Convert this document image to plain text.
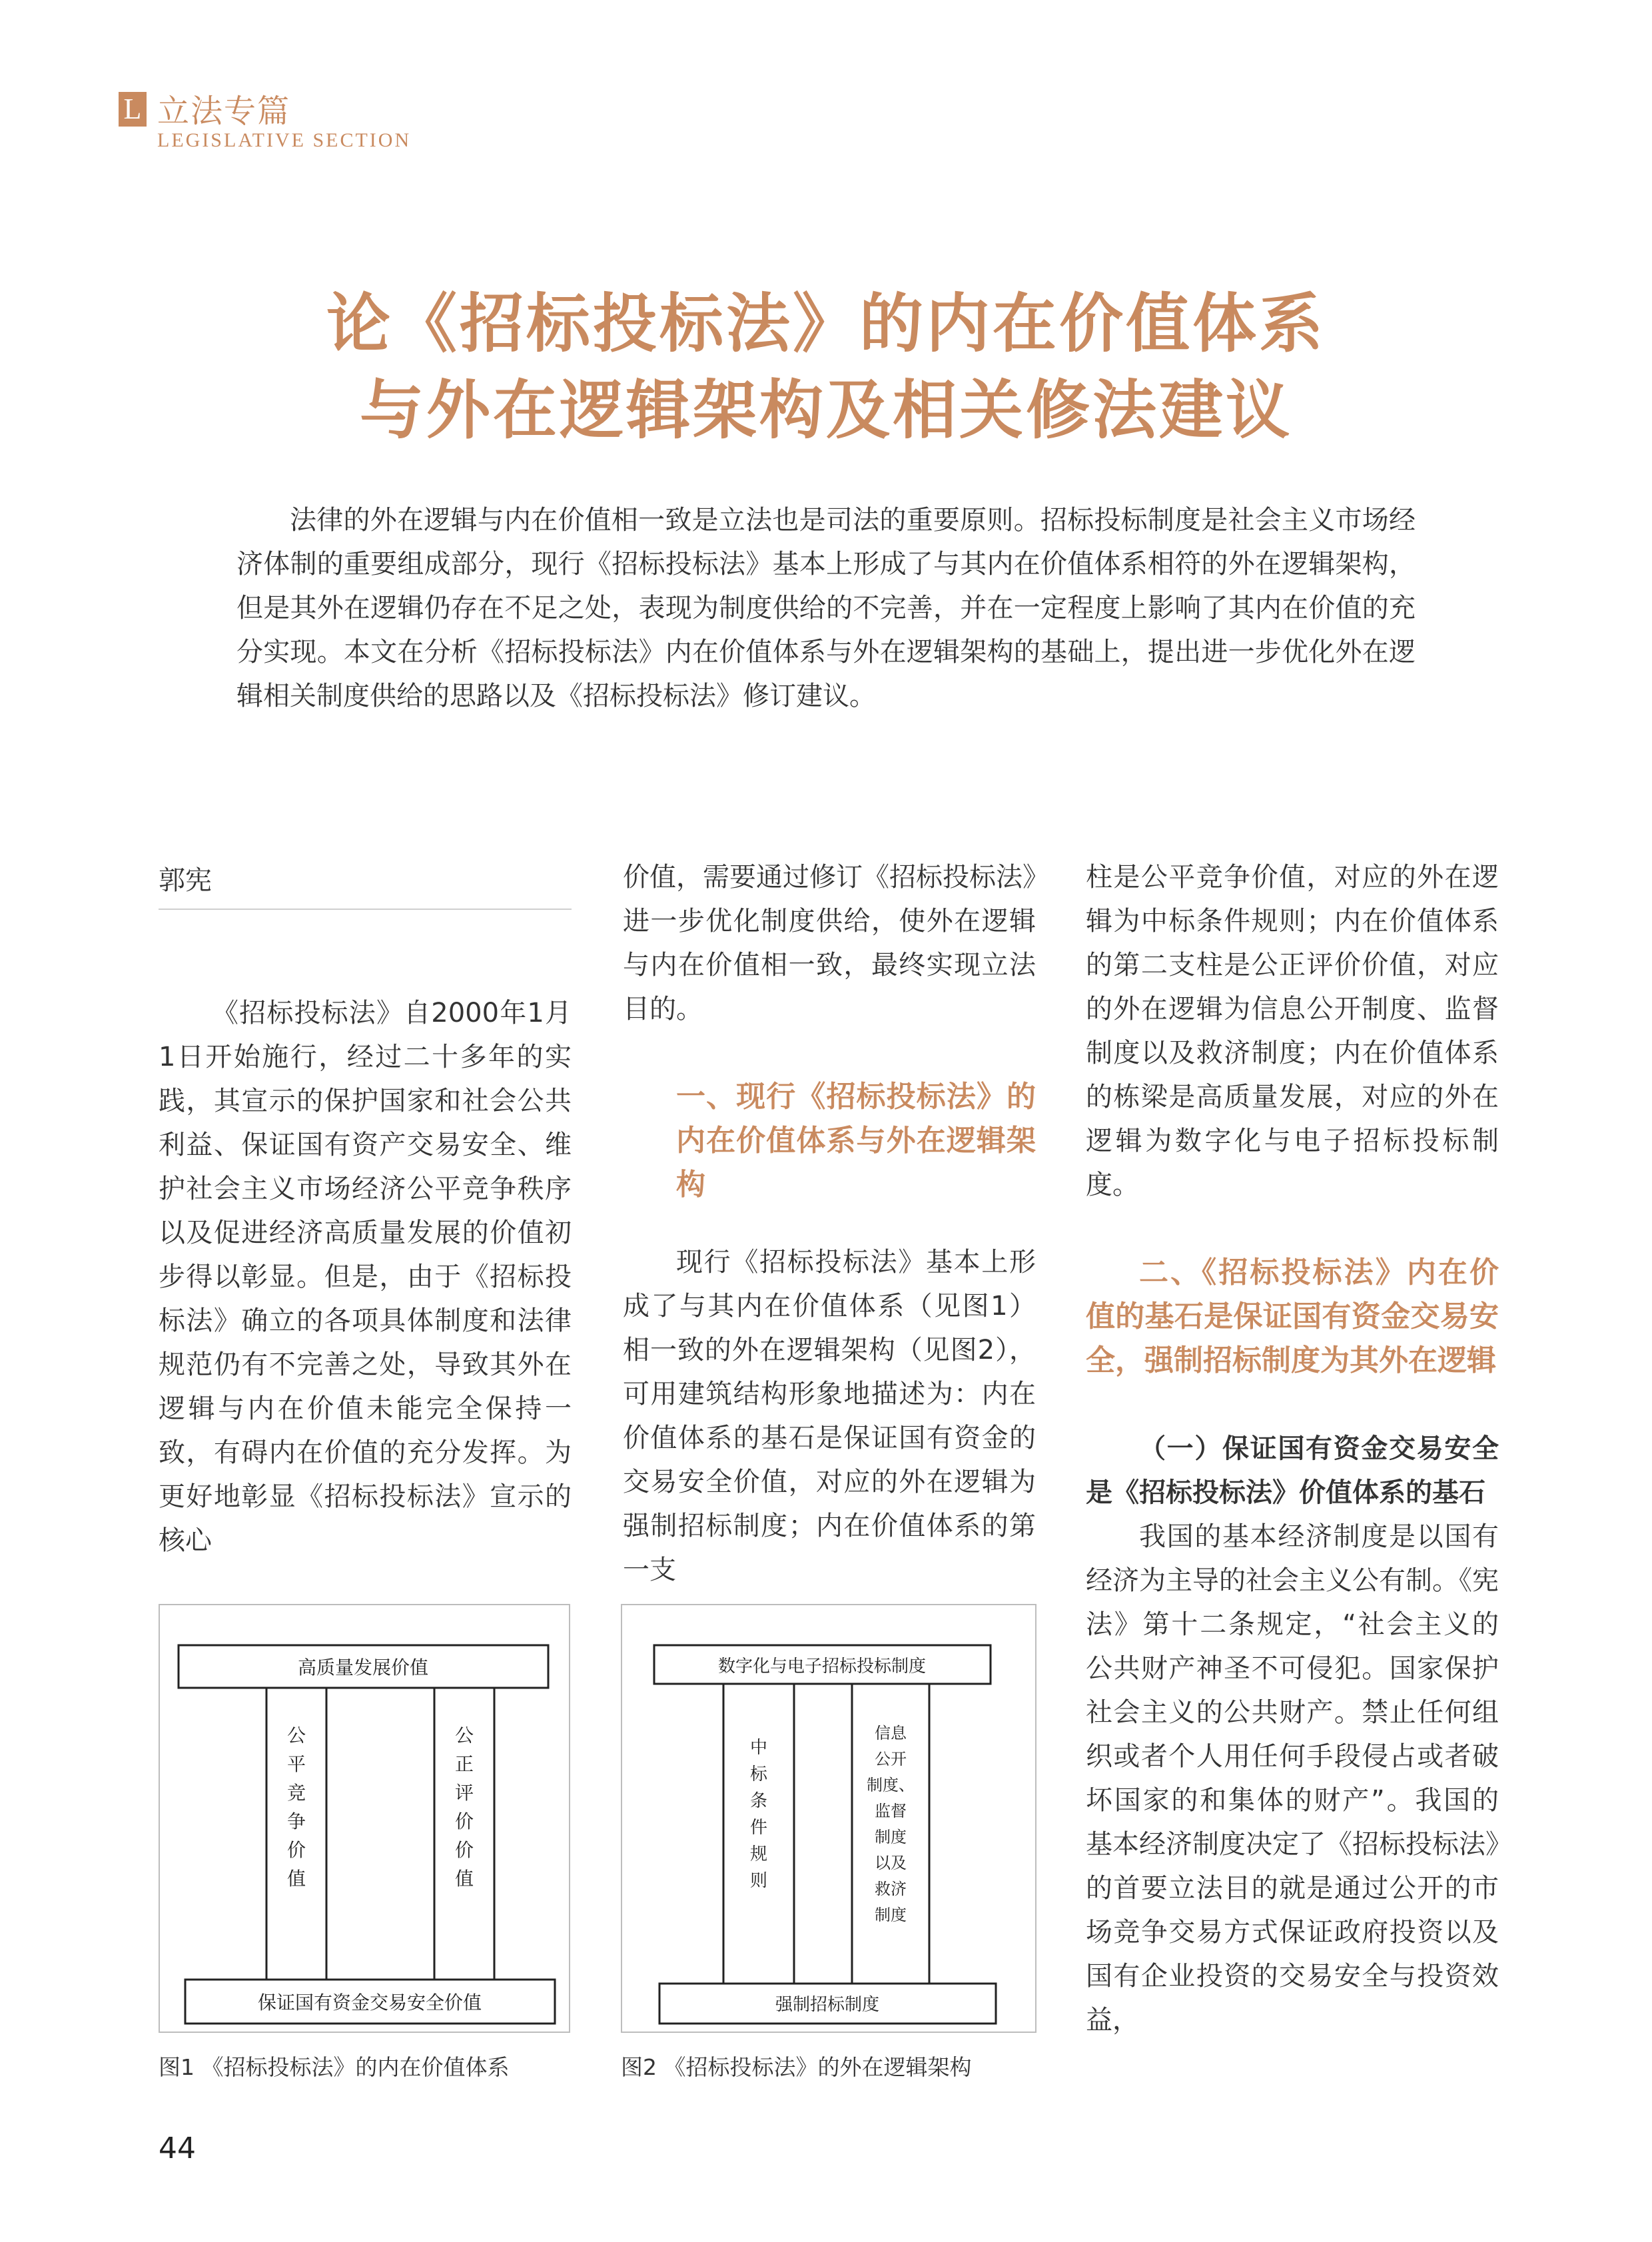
L 立法专篇
LEGISLATIVE SECTION
论《招标投标法》的内在价值体系
与外在逻辑架构及相关修法建议
法律的外在逻辑与内在价值相一致是立法也是司法的重要原则。招标投标制度是社会主义市场经济体制的重要组成部分，现行《招标投标法》基本上形成了与其内在价值体系相符的外在逻辑架构，但是其外在逻辑仍存在不足之处，表现为制度供给的不完善，并在一定程度上影响了其内在价值的充分实现。本文在分析《招标投标法》内在价值体系与外在逻辑架构的基础上，提出进一步优化外在逻辑相关制度供给的思路以及《招标投标法》修订建议。
郭宪

《招标投标法》自2000年1月1日开始施行，经过二十多年的实践，其宣示的保护国家和社会公共利益、保证国有资产交易安全、维护社会主义市场经济公平竞争秩序以及促进经济高质量发展的价值初步得以彰显。但是，由于《招标投标法》确立的各项具体制度和法律规范仍有不完善之处，导致其外在逻辑与内在价值未能完全保持一致，有碍内在价值的充分发挥。为更好地彰显《招标投标法》宣示的核心

价值，需要通过修订《招标投标法》进一步优化制度供给，使外在逻辑与内在价值相一致，最终实现立法目的。

一、现行《招标投标法》的内在价值体系与外在逻辑架构

现行《招标投标法》基本上形成了与其内在价值体系（见图1）相一致的外在逻辑架构（见图2），可用建筑结构形象地描述为：内在价值体系的基石是保证国有资金的交易安全价值，对应的外在逻辑为强制招标制度；内在价值体系的第一支

柱是公平竞争价值，对应的外在逻辑为中标条件规则；内在价值体系的第二支柱是公正评价价值，对应的外在逻辑为信息公开制度、监督制度以及救济制度；内在价值体系的栋梁是高质量发展，对应的外在逻辑为数字化与电子招标投标制度。

二、《招标投标法》内在价值的基石是保证国有资金交易安全，强制招标制度为其外在逻辑

（一）保证国有资金交易安全是《招标投标法》价值体系的基石

我国的基本经济制度是以国有经济为主导的社会主义公有制。《宪法》第十二条规定，“社会主义的公共财产神圣不可侵犯。国家保护社会主义的公共财产。禁止任何组织或者个人用任何手段侵占或者破坏国家的和集体的财产”。我国的基本经济制度决定了《招标投标法》的首要立法目的就是通过公开的市场竞争交易方式保证政府投资以及国有企业投资的交易安全与投资效益，

高质量发展价值
公
平
竞
争
价
值
公
正
评
价
价
值
保证国有资金交易安全价值
图1 《招标投标法》的内在价值体系
数字化与电子招标投标制度
中
标
条
件
规
则
信息
公开
制度、
监督
制度
以及
救济
制度
强制招标制度
图2 《招标投标法》的外在逻辑架构
44
